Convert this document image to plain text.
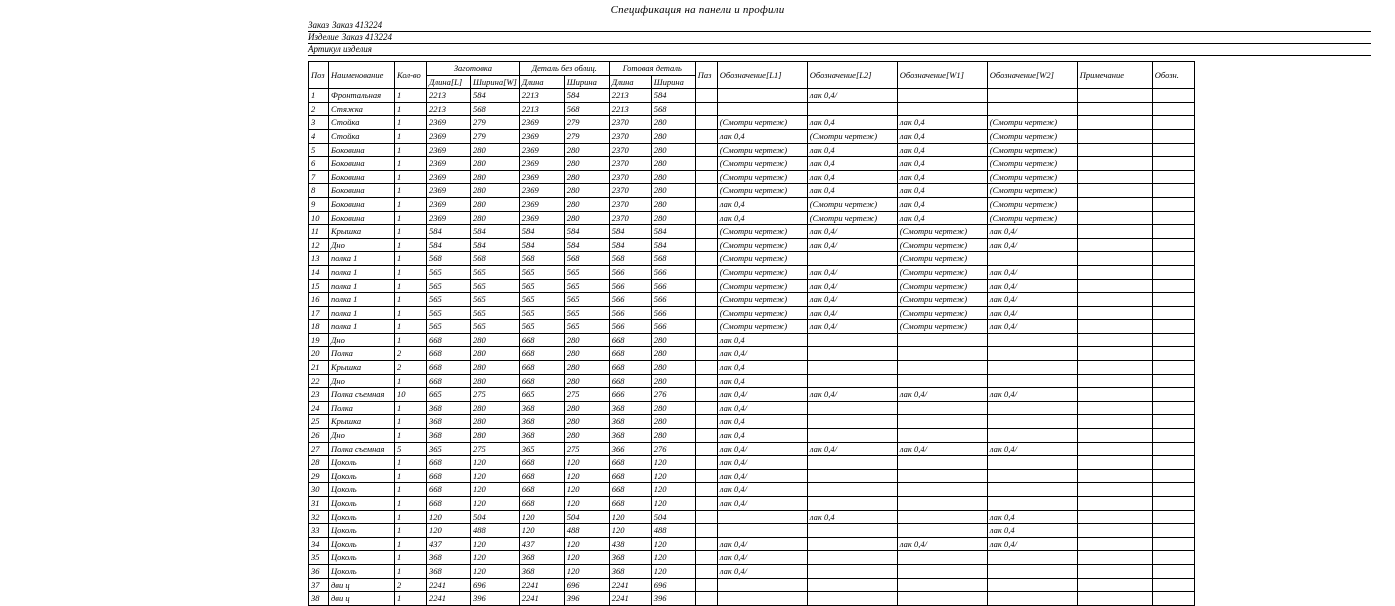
Спецификация на панели и профили
Заказ Заказ 413224
Изделие Заказ 413224
Артикул изделия
Поз	Наименование	Кол-во	Заготовка		Деталь без облиц.		Готовая деталь		Паз	Обозначение[L1]	Обозначение[L2]	Обозначение[W1]	Обозначение[W2]	Примечание	Обозн.
			Длина[L]	Ширина[W]	Длина	Ширина	Длина	Ширина							
1	Фронтальная	1	2213	584	2213	584	2213	584			лак 0,4/				
2	Стяжка	1	2213	568	2213	568	2213	568							
3	Стойка	1	2369	279	2369	279	2370	280		(Смотри чертеж)	лак 0,4	лак 0,4	(Смотри чертеж)		
4	Стойка	1	2369	279	2369	279	2370	280		лак 0,4	(Смотри чертеж)	лак 0,4	(Смотри чертеж)		
5	Боковина	1	2369	280	2369	280	2370	280		(Смотри чертеж)	лак 0,4	лак 0,4	(Смотри чертеж)		
6	Боковина	1	2369	280	2369	280	2370	280		(Смотри чертеж)	лак 0,4	лак 0,4	(Смотри чертеж)		
7	Боковина	1	2369	280	2369	280	2370	280		(Смотри чертеж)	лак 0,4	лак 0,4	(Смотри чертеж)		
8	Боковина	1	2369	280	2369	280	2370	280		(Смотри чертеж)	лак 0,4	лак 0,4	(Смотри чертеж)		
9	Боковина	1	2369	280	2369	280	2370	280		лак 0,4	(Смотри чертеж)	лак 0,4	(Смотри чертеж)		
10	Боковина	1	2369	280	2369	280	2370	280		лак 0,4	(Смотри чертеж)	лак 0,4	(Смотри чертеж)		
11	Крышка	1	584	584	584	584	584	584		(Смотри чертеж)	лак 0,4/	(Смотри чертеж)	лак 0,4/		
12	Дно	1	584	584	584	584	584	584		(Смотри чертеж)	лак 0,4/	(Смотри чертеж)	лак 0,4/		
13	полка 1	1	568	568	568	568	568	568		(Смотри чертеж)		(Смотри чертеж)			
14	полка 1	1	565	565	565	565	566	566		(Смотри чертеж)	лак 0,4/	(Смотри чертеж)	лак 0,4/		
15	полка 1	1	565	565	565	565	566	566		(Смотри чертеж)	лак 0,4/	(Смотри чертеж)	лак 0,4/		
16	полка 1	1	565	565	565	565	566	566		(Смотри чертеж)	лак 0,4/	(Смотри чертеж)	лак 0,4/		
17	полка 1	1	565	565	565	565	566	566		(Смотри чертеж)	лак 0,4/	(Смотри чертеж)	лак 0,4/		
18	полка 1	1	565	565	565	565	566	566		(Смотри чертеж)	лак 0,4/	(Смотри чертеж)	лак 0,4/		
19	Дно	1	668	280	668	280	668	280		лак 0,4					
20	Полка	2	668	280	668	280	668	280		лак 0,4/					
21	Крышка	2	668	280	668	280	668	280		лак 0,4					
22	Дно	1	668	280	668	280	668	280		лак 0,4					
23	Полка съемная	10	665	275	665	275	666	276		лак 0,4/	лак 0,4/	лак 0,4/	лак 0,4/		
24	Полка	1	368	280	368	280	368	280		лак 0,4/					
25	Крышка	1	368	280	368	280	368	280		лак 0,4					
26	Дно	1	368	280	368	280	368	280		лак 0,4					
27	Полка съемная	5	365	275	365	275	366	276		лак 0,4/	лак 0,4/	лак 0,4/	лак 0,4/		
28	Цоколь	1	668	120	668	120	668	120		лак 0,4/					
29	Цоколь	1	668	120	668	120	668	120		лак 0,4/					
30	Цоколь	1	668	120	668	120	668	120		лак 0,4/					
31	Цоколь	1	668	120	668	120	668	120		лак 0,4/					
32	Цоколь	1	120	504	120	504	120	504			лак 0,4		лак 0,4		
33	Цоколь	1	120	488	120	488	120	488					лак 0,4		
34	Цоколь	1	437	120	437	120	438	120		лак 0,4/		лак 0,4/	лак 0,4/		
35	Цоколь	1	368	120	368	120	368	120		лак 0,4/					
36	Цоколь	1	368	120	368	120	368	120		лак 0,4/					
37	дви ц	2	2241	696	2241	696	2241	696							
38	дви ц	1	2241	396	2241	396	2241	396							
